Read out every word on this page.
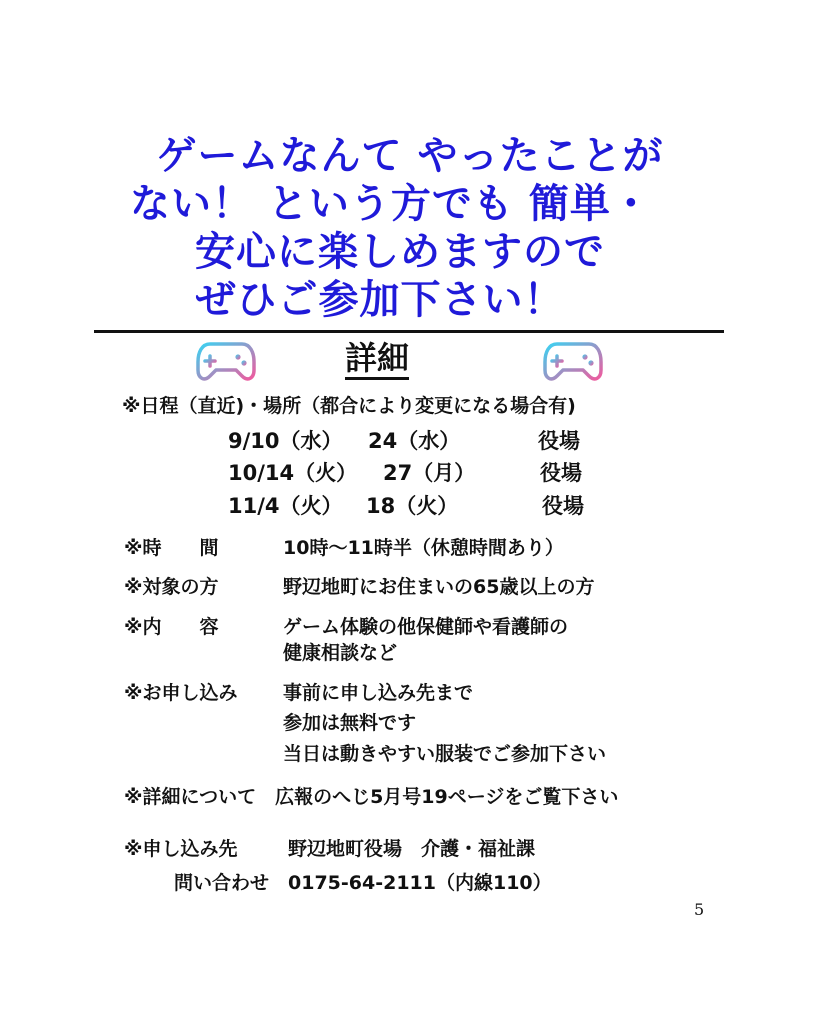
ゲームなんて やったことが
ない！ という方でも 簡単・
安心に楽しめますので
ぜひご参加下さい！
詳細
※日程（直近)・場所（都合により変更になる場合有)
9/10（水） 24（水）	役場
10/14（火） 27（月）	役場
11/4（火） 18（火）	役場
※時　　間	10時～11時半（休憩時間あり）
※対象の方	野辺地町にお住まいの65歳以上の方
※内　　容	ゲーム体験の他保健師や看護師の
健康相談など
※お申し込み 事前に申し込み先まで
参加は無料です
当日は動きやすい服装でご参加下さい
※詳細について　広報のへじ5月号19ページをご覧下さい
※申し込み先	野辺地町役場　介護・福祉課
問い合わせ　0175-64-2111（内線110）
5
